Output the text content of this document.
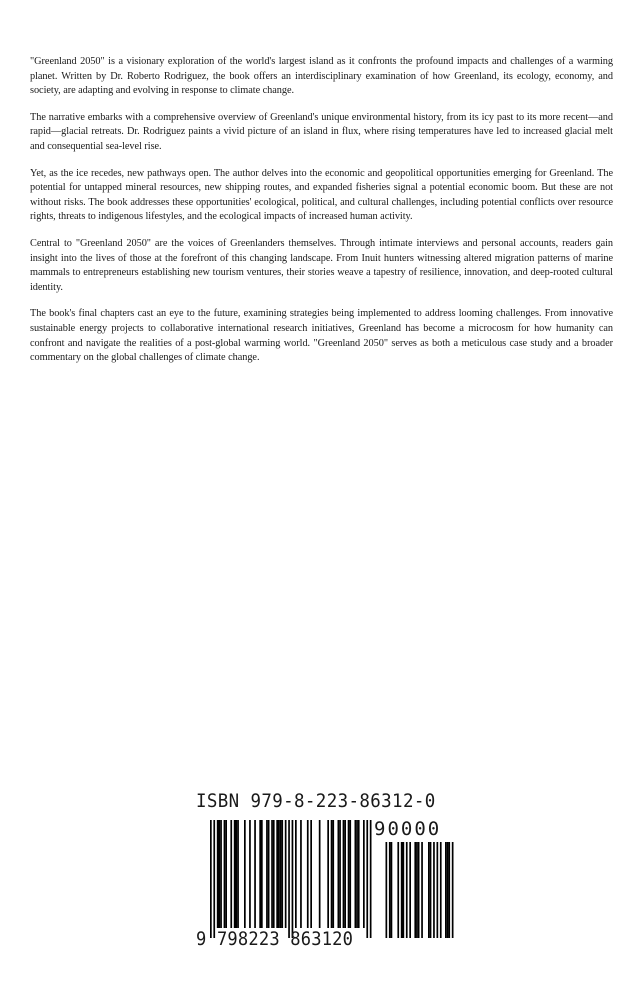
"Greenland 2050" is a visionary exploration of the world's largest island as it confronts the profound impacts and challenges of a warming planet. Written by Dr. Roberto Rodriguez, the book offers an interdisciplinary examination of how Greenland, its ecology, economy, and society, are adapting and evolving in response to climate change.

The narrative embarks with a comprehensive overview of Greenland's unique environmental history, from its icy past to its more recent—and rapid—glacial retreats. Dr. Rodriguez paints a vivid picture of an island in flux, where rising temperatures have led to increased glacial melt and consequential sea-level rise.

Yet, as the ice recedes, new pathways open. The author delves into the economic and geopolitical opportunities emerging for Greenland. The potential for untapped mineral resources, new shipping routes, and expanded fisheries signal a potential economic boom. But these are not without risks. The book addresses these opportunities' ecological, political, and cultural challenges, including potential conflicts over resource rights, threats to indigenous lifestyles, and the ecological impacts of increased human activity.

Central to "Greenland 2050" are the voices of Greenlanders themselves. Through intimate interviews and personal accounts, readers gain insight into the lives of those at the forefront of this changing landscape. From Inuit hunters witnessing altered migration patterns of marine mammals to entrepreneurs establishing new tourism ventures, their stories weave a tapestry of resilience, innovation, and deep-rooted cultural identity.

The book's final chapters cast an eye to the future, examining strategies being implemented to address looming challenges. From innovative sustainable energy projects to collaborative international research initiatives, Greenland has become a microcosm for how humanity can confront and navigate the realities of a post-global warming world. "Greenland 2050" serves as both a meticulous case study and a broader commentary on the global challenges of climate change.

ISBN 979-8-223-86312-0
90000
9 798223 863120
